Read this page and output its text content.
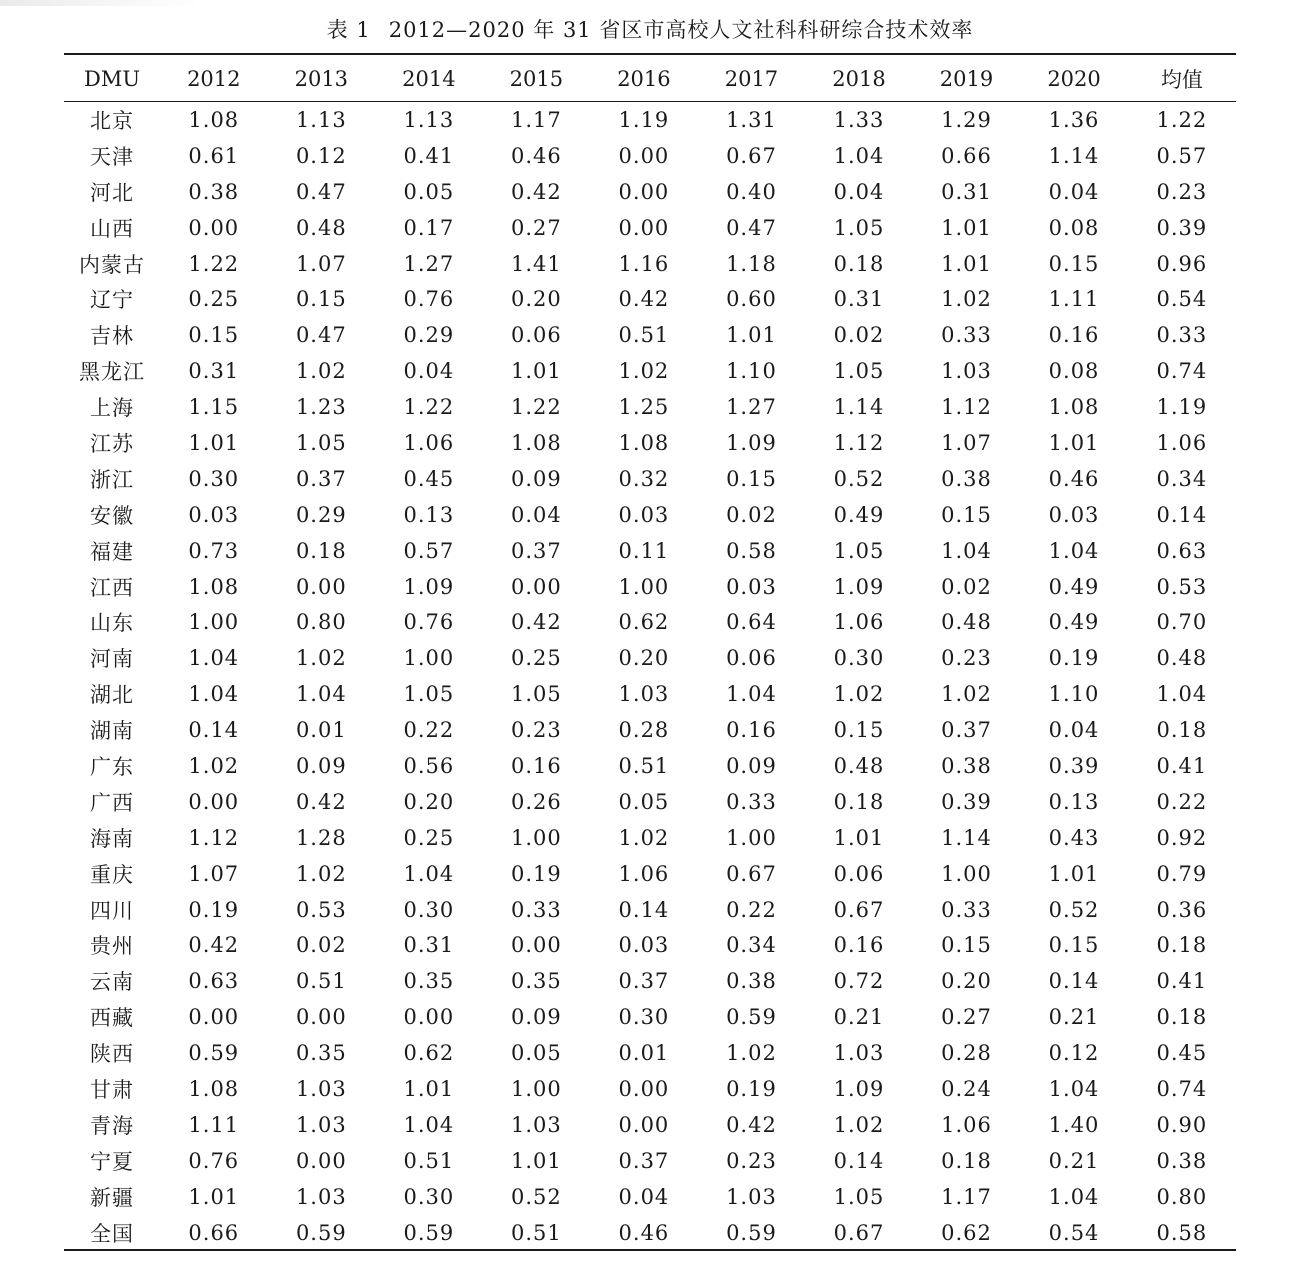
表 1 2012—2020 年 31 省区市高校人文社科科研综合技术效率
DMU	2012	2013	2014	2015	2016	2017	2018	2019	2020	均值
北京	1.08	1.13	1.13	1.17	1.19	1.31	1.33	1.29	1.36	1.22
天津	0.61	0.12	0.41	0.46	0.00	0.67	1.04	0.66	1.14	0.57
河北	0.38	0.47	0.05	0.42	0.00	0.40	0.04	0.31	0.04	0.23
山西	0.00	0.48	0.17	0.27	0.00	0.47	1.05	1.01	0.08	0.39
内蒙古	1.22	1.07	1.27	1.41	1.16	1.18	0.18	1.01	0.15	0.96
辽宁	0.25	0.15	0.76	0.20	0.42	0.60	0.31	1.02	1.11	0.54
吉林	0.15	0.47	0.29	0.06	0.51	1.01	0.02	0.33	0.16	0.33
黑龙江	0.31	1.02	0.04	1.01	1.02	1.10	1.05	1.03	0.08	0.74
上海	1.15	1.23	1.22	1.22	1.25	1.27	1.14	1.12	1.08	1.19
江苏	1.01	1.05	1.06	1.08	1.08	1.09	1.12	1.07	1.01	1.06
浙江	0.30	0.37	0.45	0.09	0.32	0.15	0.52	0.38	0.46	0.34
安徽	0.03	0.29	0.13	0.04	0.03	0.02	0.49	0.15	0.03	0.14
福建	0.73	0.18	0.57	0.37	0.11	0.58	1.05	1.04	1.04	0.63
江西	1.08	0.00	1.09	0.00	1.00	0.03	1.09	0.02	0.49	0.53
山东	1.00	0.80	0.76	0.42	0.62	0.64	1.06	0.48	0.49	0.70
河南	1.04	1.02	1.00	0.25	0.20	0.06	0.30	0.23	0.19	0.48
湖北	1.04	1.04	1.05	1.05	1.03	1.04	1.02	1.02	1.10	1.04
湖南	0.14	0.01	0.22	0.23	0.28	0.16	0.15	0.37	0.04	0.18
广东	1.02	0.09	0.56	0.16	0.51	0.09	0.48	0.38	0.39	0.41
广西	0.00	0.42	0.20	0.26	0.05	0.33	0.18	0.39	0.13	0.22
海南	1.12	1.28	0.25	1.00	1.02	1.00	1.01	1.14	0.43	0.92
重庆	1.07	1.02	1.04	0.19	1.06	0.67	0.06	1.00	1.01	0.79
四川	0.19	0.53	0.30	0.33	0.14	0.22	0.67	0.33	0.52	0.36
贵州	0.42	0.02	0.31	0.00	0.03	0.34	0.16	0.15	0.15	0.18
云南	0.63	0.51	0.35	0.35	0.37	0.38	0.72	0.20	0.14	0.41
西藏	0.00	0.00	0.00	0.09	0.30	0.59	0.21	0.27	0.21	0.18
陕西	0.59	0.35	0.62	0.05	0.01	1.02	1.03	0.28	0.12	0.45
甘肃	1.08	1.03	1.01	1.00	0.00	0.19	1.09	0.24	1.04	0.74
青海	1.11	1.03	1.04	1.03	0.00	0.42	1.02	1.06	1.40	0.90
宁夏	0.76	0.00	0.51	1.01	0.37	0.23	0.14	0.18	0.21	0.38
新疆	1.01	1.03	0.30	0.52	0.04	1.03	1.05	1.17	1.04	0.80
全国	0.66	0.59	0.59	0.51	0.46	0.59	0.67	0.62	0.54	0.58
